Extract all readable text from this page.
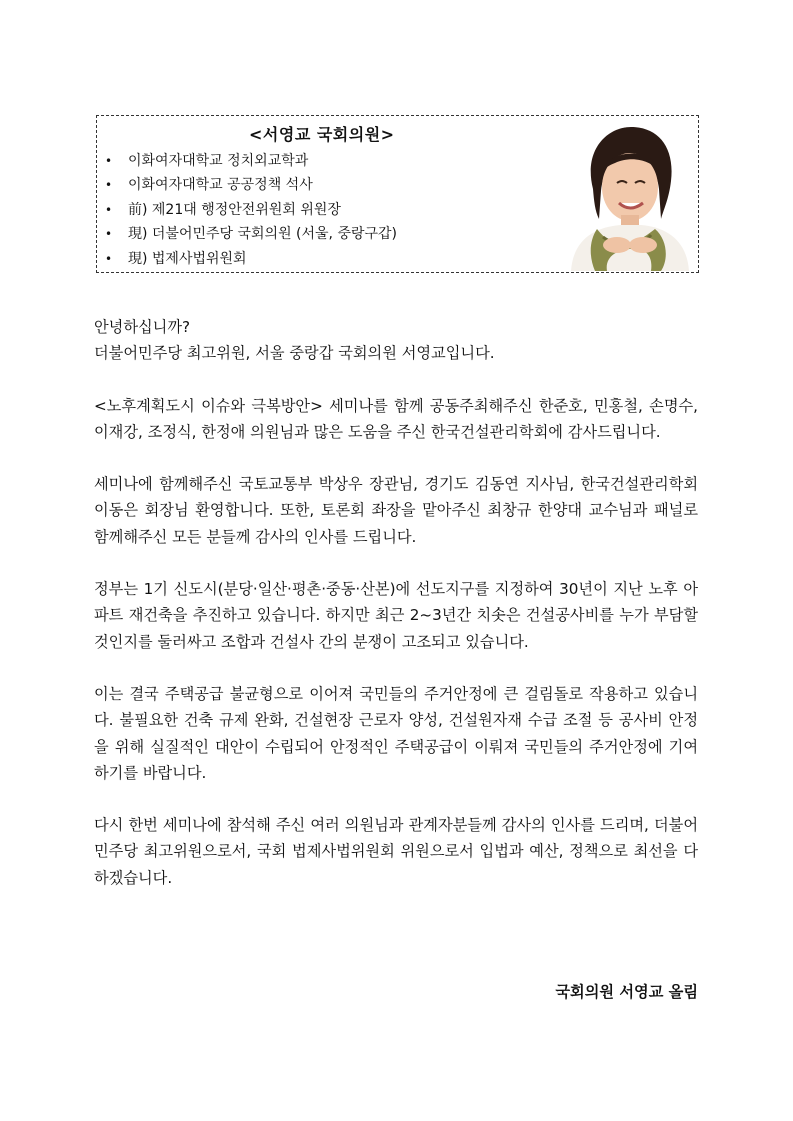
<서영교 국회의원>
• 이화여자대학교 정치외교학과
• 이화여자대학교 공공정책 석사
• 前) 제21대 행정안전위원회 위원장
• 現) 더불어민주당 국회의원 (서울, 중랑구갑)
• 現) 법제사법위원회

안녕하십니까?

더불어민주당 최고위원, 서울 중랑갑 국회의원 서영교입니다.

<노후계획도시 이슈와 극복방안> 세미나를 함께 공동주최해주신 한준호, 민홍철, 손명수, 이재강, 조정식, 한정애 의원님과 많은 도움을 주신 한국건설관리학회에 감사드립니다.

세미나에 함께해주신 국토교통부 박상우 장관님, 경기도 김동연 지사님, 한국건설관리학회 이동은 회장님 환영합니다. 또한, 토론회 좌장을 맡아주신 최창규 한양대 교수님과 패널로 함께해주신 모든 분들께 감사의 인사를 드립니다.

정부는 1기 신도시(분당·일산·평촌·중동·산본)에 선도지구를 지정하여 30년이 지난 노후 아파트 재건축을 추진하고 있습니다. 하지만 최근 2~3년간 치솟은 건설공사비를 누가 부담할 것인지를 둘러싸고 조합과 건설사 간의 분쟁이 고조되고 있습니다.

이는 결국 주택공급 불균형으로 이어져 국민들의 주거안정에 큰 걸림돌로 작용하고 있습니다. 불필요한 건축 규제 완화, 건설현장 근로자 양성, 건설원자재 수급 조절 등 공사비 안정을 위해 실질적인 대안이 수립되어 안정적인 주택공급이 이뤄져 국민들의 주거안정에 기여하기를 바랍니다.

다시 한번 세미나에 참석해 주신 여러 의원님과 관계자분들께 감사의 인사를 드리며, 더불어민주당 최고위원으로서, 국회 법제사법위원회 위원으로서 입법과 예산, 정책으로 최선을 다하겠습니다.

국회의원 서영교 올림
